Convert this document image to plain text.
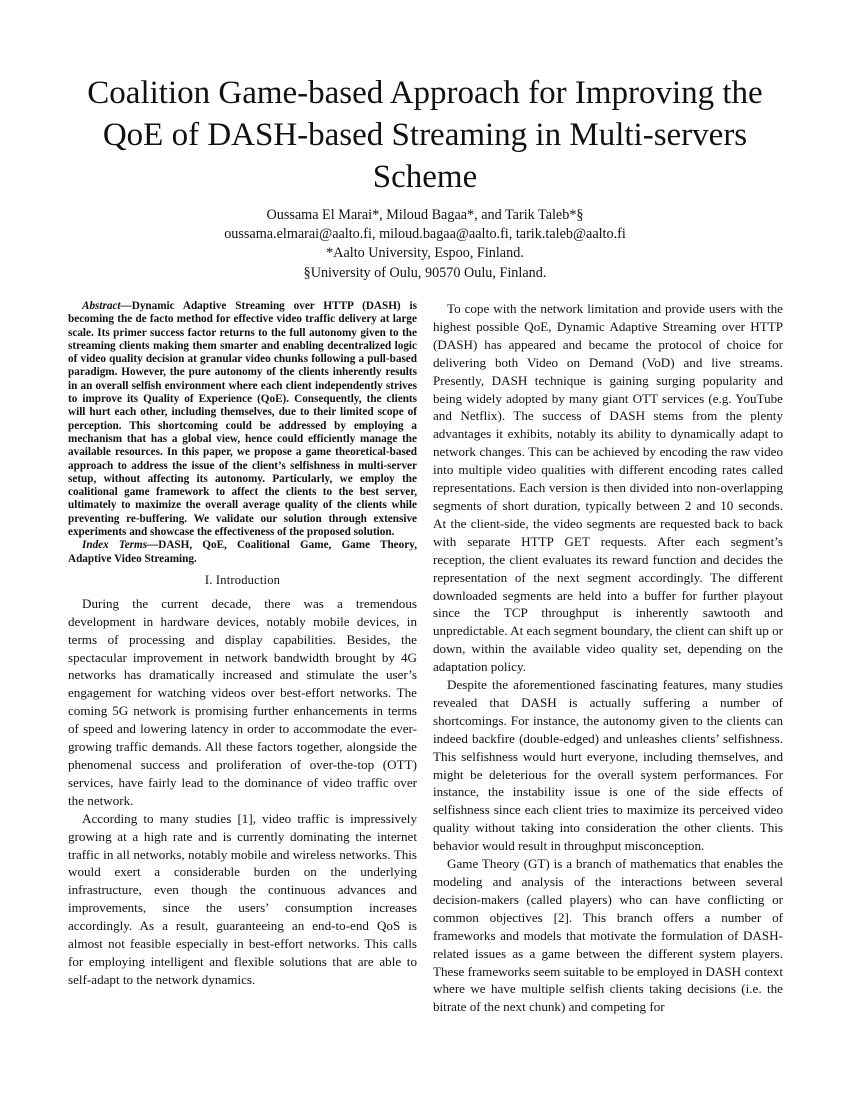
Coalition Game-based Approach for Improving the QoE of DASH-based Streaming in Multi-servers Scheme
Oussama El Marai*, Miloud Bagaa*, and Tarik Taleb*§
oussama.elmarai@aalto.fi, miloud.bagaa@aalto.fi, tarik.taleb@aalto.fi
*Aalto University, Espoo, Finland.
§University of Oulu, 90570 Oulu, Finland.

Abstract—Dynamic Adaptive Streaming over HTTP (DASH) is becoming the de facto method for effective video traffic delivery at large scale. Its primer success factor returns to the full autonomy given to the streaming clients making them smarter and enabling decentralized logic of video quality decision at granular video chunks following a pull-based paradigm. However, the pure autonomy of the clients inherently results in an overall selfish environment where each client independently strives to improve its Quality of Experience (QoE). Consequently, the clients will hurt each other, including themselves, due to their limited scope of perception. This shortcoming could be addressed by employing a mechanism that has a global view, hence could efficiently manage the available resources. In this paper, we propose a game theoretical-based approach to address the issue of the client’s selfishness in multi-server setup, without affecting its autonomy. Particularly, we employ the coalitional game framework to affect the clients to the best server, ultimately to maximize the overall average quality of the clients while preventing re-buffering. We validate our solution through extensive experiments and showcase the effectiveness of the proposed solution.

Index Terms—DASH, QoE, Coalitional Game, Game Theory, Adaptive Video Streaming.

I. Introduction

During the current decade, there was a tremendous development in hardware devices, notably mobile devices, in terms of processing and display capabilities. Besides, the spectacular improvement in network bandwidth brought by 4G networks has dramatically increased and stimulate the user’s engagement for watching videos over best-effort networks. The coming 5G network is promising further enhancements in terms of speed and lowering latency in order to accommodate the ever-growing traffic demands. All these factors together, alongside the phenomenal success and proliferation of over-the-top (OTT) services, have fairly lead to the dominance of video traffic over the network.

According to many studies [1], video traffic is impressively growing at a high rate and is currently dominating the internet traffic in all networks, notably mobile and wireless networks. This would exert a considerable burden on the underlying infrastructure, even though the continuous advances and improvements, since the users’ consumption increases accordingly. As a result, guaranteeing an end-to-end QoS is almost not feasible especially in best-effort networks. This calls for employing intelligent and flexible solutions that are able to self-adapt to the network dynamics.

To cope with the network limitation and provide users with the highest possible QoE, Dynamic Adaptive Streaming over HTTP (DASH) has appeared and became the protocol of choice for delivering both Video on Demand (VoD) and live streams. Presently, DASH technique is gaining surging popularity and being widely adopted by many giant OTT services (e.g. YouTube and Netflix). The success of DASH stems from the plenty advantages it exhibits, notably its ability to dynamically adapt to network changes. This can be achieved by encoding the raw video into multiple video qualities with different encoding rates called representations. Each version is then divided into non-overlapping segments of short duration, typically between 2 and 10 seconds. At the client-side, the video segments are requested back to back with separate HTTP GET requests. After each segment’s reception, the client evaluates its reward function and decides the representation of the next segment accordingly. The different downloaded segments are held into a buffer for further playout since the TCP throughput is inherently sawtooth and unpredictable. At each segment boundary, the client can shift up or down, within the available video quality set, depending on the adaptation policy.

Despite the aforementioned fascinating features, many studies revealed that DASH is actually suffering a number of shortcomings. For instance, the autonomy given to the clients can indeed backfire (double-edged) and unleashes clients’ selfishness. This selfishness would hurt everyone, including themselves, and might be deleterious for the overall system performances. For instance, the instability issue is one of the side effects of selfishness since each client tries to maximize its perceived video quality without taking into consideration the other clients. This behavior would result in throughput misconception.

Game Theory (GT) is a branch of mathematics that enables the modeling and analysis of the interactions between several decision-makers (called players) who can have conflicting or common objectives [2]. This branch offers a number of frameworks and models that motivate the formulation of DASH-related issues as a game between the different system players. These frameworks seem suitable to be employed in DASH context where we have multiple selfish clients taking decisions (i.e. the bitrate of the next chunk) and competing for
